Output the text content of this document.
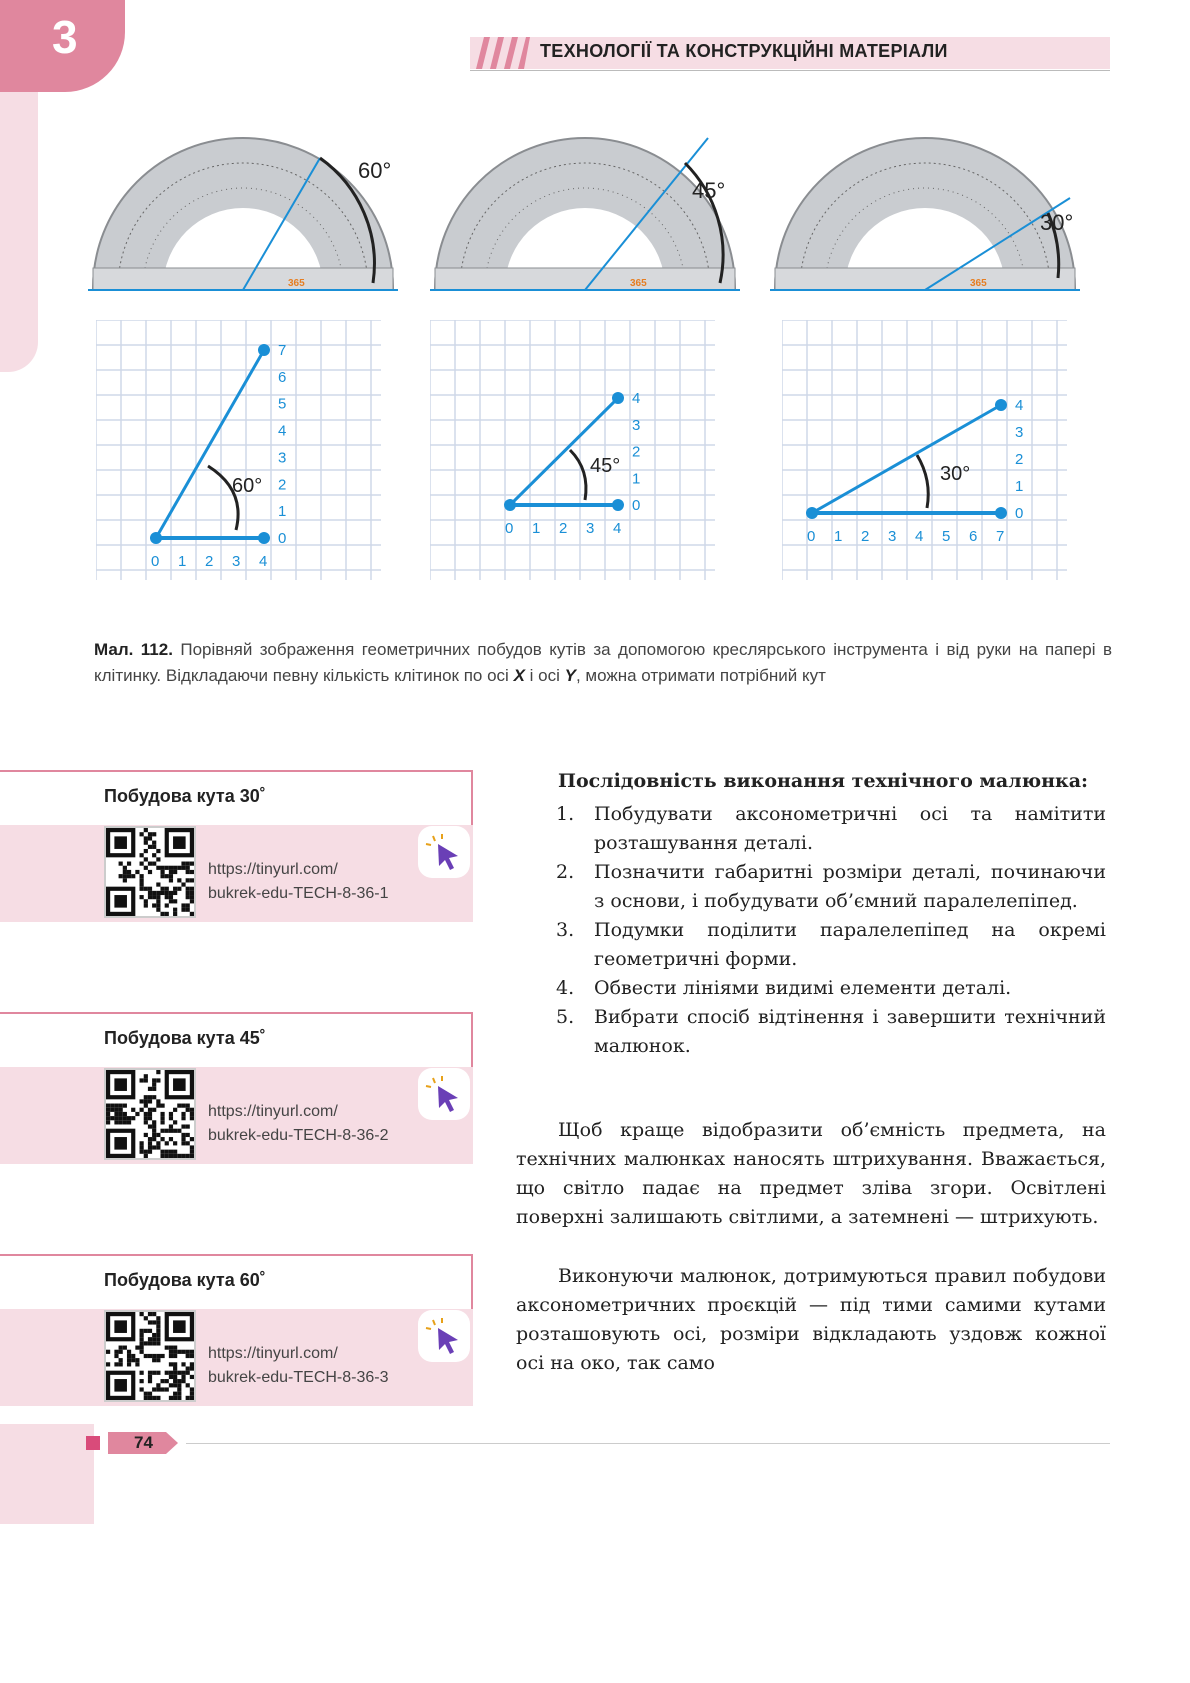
3	ТЕХНОЛОГІЇ ТА КОНСТРУКЦІЙНІ МАТЕРІАЛИ
60°
365
45°
365
30°
365
60°
0 1 2 3 4
0
1
2
3
4
5
6
7
45°
0 1 2 3 4
0
1
2
3
4
30°
0 1 2 3 4 5 6 7
0
1
2
3
4
Мал. 112. Порівняй зображення геометричних побудов кутів за допомогою креслярського інструмента і від руки на папері в клітинку. Відкладаючи певну кількість клітинок по осі X і осі Y, можна отримати потрібний кут
Побудова кута 30˚
https://tinyurl.com/
bukrek-edu-TECH-8-36-1
Побудова кута 45˚
https://tinyurl.com/
bukrek-edu-TECH-8-36-2
Побудова кута 60˚
https://tinyurl.com/
bukrek-edu-TECH-8-36-3
Послідовність виконання технічного малюнка:
1. Побудувати аксонометричні осі та намітити розташування деталі.
2. Позначити габаритні розміри деталі, починаючи з основи, і побудувати об’ємний паралелепіпед.
3. Подумки поділити паралелепіпед на окремі геометричні форми.
4. Обвести лініями видимі елементи деталі.
5. Вибрати спосіб відтінення і завершити технічний малюнок.
Щоб краще відобразити об’ємність предмета, на технічних малюнках наносять штрихування. Вважається, що світло падає на предмет зліва згори. Освітлені поверхні залишають світлими, а затемнені — штрихують.
Виконуючи малюнок, дотримуються правил побудови аксонометричних проєкцій — під тими самими кутами розташовують осі, розміри відкладають уздовж кожної осі на око, так само
74
